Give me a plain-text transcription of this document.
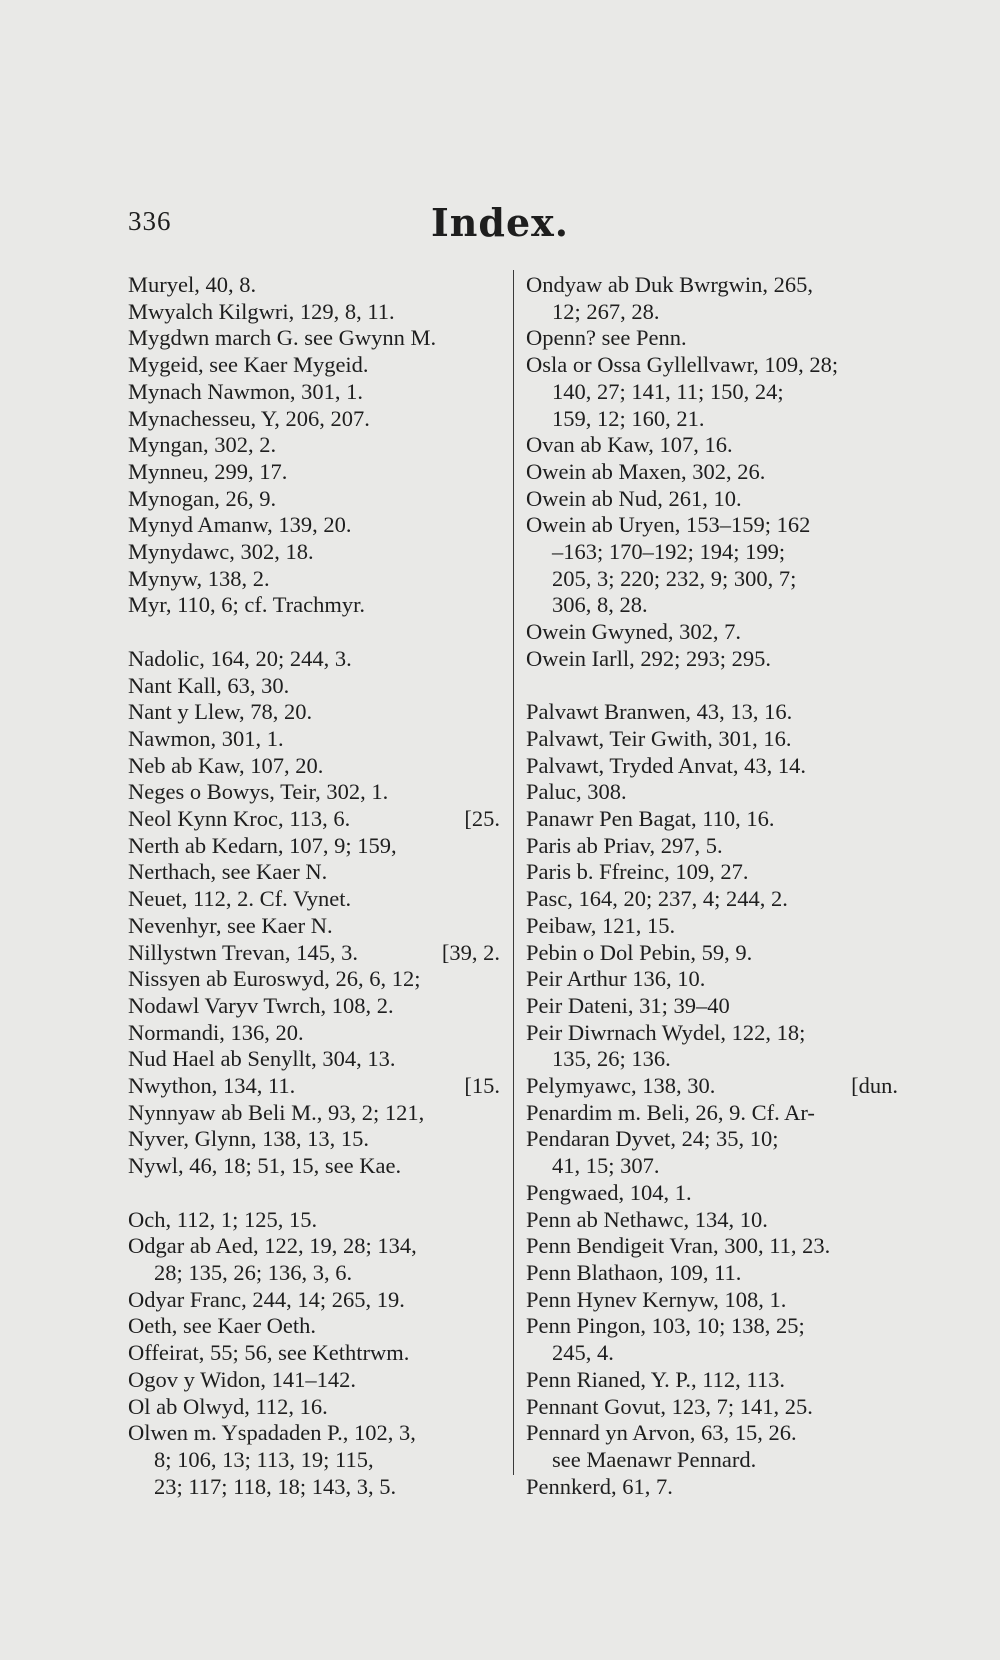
336	Index.
Muryel, 40, 8.
Mwyalch Kilgwri, 129, 8, 11.
Mygdwn march G. see Gwynn M.
Mygeid, see Kaer Mygeid.
Mynach Nawmon, 301, 1.
Mynachesseu, Y, 206, 207.
Myngan, 302, 2.
Mynneu, 299, 17.
Mynogan, 26, 9.
Mynyd Amanw, 139, 20.
Mynydawc, 302, 18.
Mynyw, 138, 2.
Myr, 110, 6; cf. Trachmyr.
Nadolic, 164, 20; 244, 3.
Nant Kall, 63, 30.
Nant y Llew, 78, 20.
Nawmon, 301, 1.
Neb ab Kaw, 107, 20.
Neges o Bowys, Teir, 302, 1.
Neol Kynn Kroc, 113, 6.	[25.
Nerth ab Kedarn, 107, 9; 159,
Nerthach, see Kaer N.
Neuet, 112, 2. Cf. Vynet.
Nevenhyr, see Kaer N.
Nillystwn Trevan, 145, 3.	[39, 2.
Nissyen ab Euroswyd, 26, 6, 12;
Nodawl Varyv Twrch, 108, 2.
Normandi, 136, 20.
Nud Hael ab Senyllt, 304, 13.
Nwython, 134, 11.	[15.
Nynnyaw ab Beli M., 93, 2; 121,
Nyver, Glynn, 138, 13, 15.
Nywl, 46, 18; 51, 15, see Kae.
Och, 112, 1; 125, 15.
Odgar ab Aed, 122, 19, 28; 134,
28; 135, 26; 136, 3, 6.
Odyar Franc, 244, 14; 265, 19.
Oeth, see Kaer Oeth.
Offeirat, 55; 56, see Kethtrwm.
Ogov y Widon, 141–142.
Ol ab Olwyd, 112, 16.
Olwen m. Yspadaden P., 102, 3,
8; 106, 13; 113, 19; 115,
23; 117; 118, 18; 143, 3, 5.
Ondyaw ab Duk Bwrgwin, 265,
12; 267, 28.
Openn? see Penn.
Osla or Ossa Gyllellvawr, 109, 28;
140, 27; 141, 11; 150, 24;
159, 12; 160, 21.
Ovan ab Kaw, 107, 16.
Owein ab Maxen, 302, 26.
Owein ab Nud, 261, 10.
Owein ab Uryen, 153–159; 162
–163; 170–192; 194; 199;
205, 3; 220; 232, 9; 300, 7;
306, 8, 28.
Owein Gwyned, 302, 7.
Owein Iarll, 292; 293; 295.
Palvawt Branwen, 43, 13, 16.
Palvawt, Teir Gwith, 301, 16.
Palvawt, Tryded Anvat, 43, 14.
Paluc, 308.
Panawr Pen Bagat, 110, 16.
Paris ab Priav, 297, 5.
Paris b. Ffreinc, 109, 27.
Pasc, 164, 20; 237, 4; 244, 2.
Peibaw, 121, 15.
Pebin o Dol Pebin, 59, 9.
Peir Arthur 136, 10.
Peir Dateni, 31; 39–40
Peir Diwrnach Wydel, 122, 18;
135, 26; 136.
Pelymyawc, 138, 30.	[dun.
Penardim m. Beli, 26, 9. Cf. Ar-
Pendaran Dyvet, 24; 35, 10;
41, 15; 307.
Pengwaed, 104, 1.
Penn ab Nethawc, 134, 10.
Penn Bendigeit Vran, 300, 11, 23.
Penn Blathaon, 109, 11.
Penn Hynev Kernyw, 108, 1.
Penn Pingon, 103, 10; 138, 25;
245, 4.
Penn Rianed, Y. P., 112, 113.
Pennant Govut, 123, 7; 141, 25.
Pennard yn Arvon, 63, 15, 26.
see Maenawr Pennard.
Pennkerd, 61, 7.
